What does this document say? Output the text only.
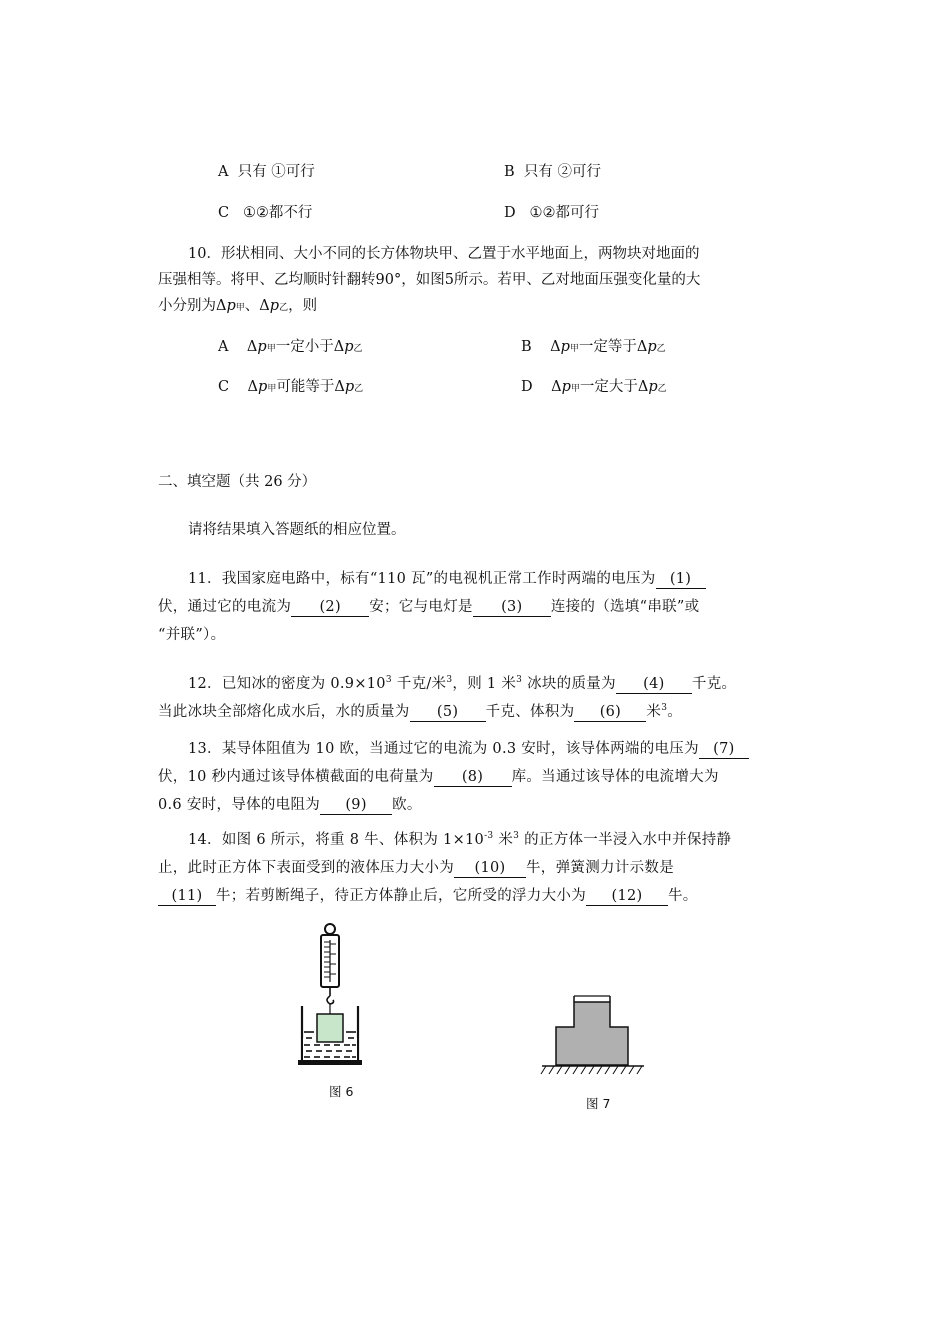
A 只有 ①可行	B 只有 ②可行
C ①②都不行	D ①②都可行
10．形状相同、大小不同的长方体物块甲、乙置于水平地面上，两物块对地面的
压强相等。将甲、乙均顺时针翻转90°，如图5所示。若甲、乙对地面压强变化量的大
小分别为Δp甲、Δp乙，则
A    Δp甲一定小于Δp乙	B    Δp甲一定等于Δp乙
C    Δp甲可能等于Δp乙	D    Δp甲一定大于Δp乙
二、填空题（共 26 分）
请将结果填入答题纸的相应位置。
11．我国家庭电路中，标有“110 瓦”的电视机正常工作时两端的电压为 (1)
伏，通过它的电流为 (2) 安；它与电灯是 (3) 连接的（选填“串联”或
“并联”）。
12．已知冰的密度为 $0.9\times 10^3$ 千克/米$^3$，则 1 米$^3$ 冰块的质量为 (4) 千克。
当此冰块全部熔化成水后，水的质量为 (5) 千克、体积为 (6) 米$^3$。
13．某导体阻值为 10 欧，当通过它的电流为 0.3 安时，该导体两端的电压为 (7)
伏，10 秒内通过该导体横截面的电荷量为 (8) 库。当通过该导体的电流增大为
0.6 安时，导体的电阻为 (9) 欧。
14．如图 6 所示，将重 8 牛、体积为 $1\times 10^{-3}$ 米$^3$ 的正方体一半浸入水中并保持静
止，此时正方体下表面受到的液体压力大小为 (10) 牛，弹簧测力计示数是
(11) 牛；若剪断绳子，待正方体静止后，它所受的浮力大小为 (12) 牛。
图 6
图 7
